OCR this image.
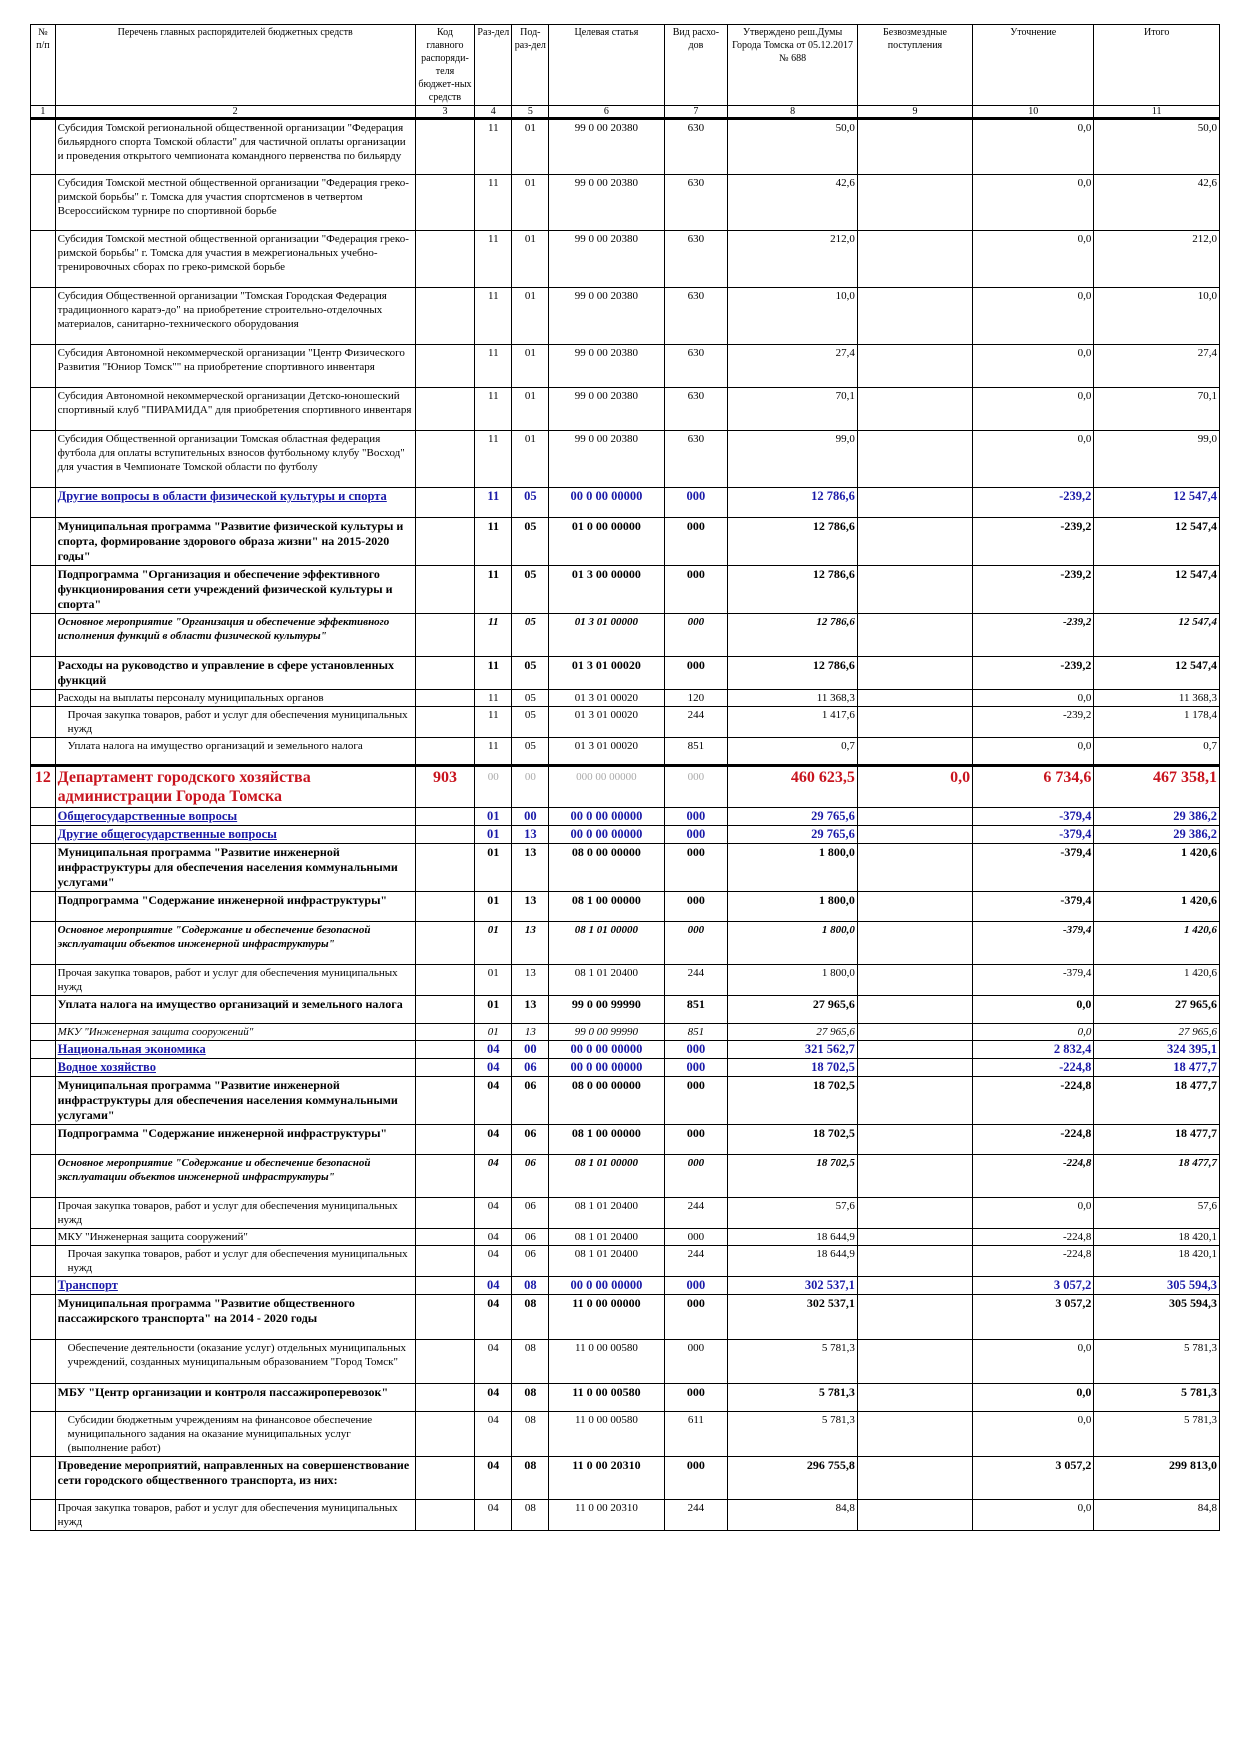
№ п/п	Перечень главных распорядителей бюджетных средств	Код главного распоряди-теля бюджет-ных средств	Раз-дел	Под-раз-дел	Целевая статья	Вид расхо-дов	Утверждено реш.Думы Города Томска от 05.12.2017 № 688	Безвозмездные поступления	Уточнение	Итого
1	2	3	4	5	6	7	8	9	10	11
	Субсидия Томской региональной общественной организации "Федерация бильярдного спорта Томской области" для частичной оплаты организации и проведения открытого чемпионата командного первенства по бильярду		11	01	99 0 00 20380	630	50,0		0,0	50,0
	Субсидия Томской местной общественной организации "Федерация греко-римской борьбы" г. Томска для участия спортсменов в четвертом Всероссийском турнире по спортивной борьбе		11	01	99 0 00 20380	630	42,6		0,0	42,6
	Субсидия Томской местной общественной организации "Федерация греко-римской борьбы" г. Томска для участия в межрегиональных учебно-тренировочных сборах по греко-римской борьбе		11	01	99 0 00 20380	630	212,0		0,0	212,0
	Субсидия Общественной организации "Томская Городская Федерация традиционного каратэ-до" на приобретение строительно-отделочных материалов, санитарно-технического оборудования		11	01	99 0 00 20380	630	10,0		0,0	10,0
	Субсидия Автономной некоммерческой организации "Центр Физического Развития "Юниор Томск"" на приобретение спортивного инвентаря		11	01	99 0 00 20380	630	27,4		0,0	27,4
	Субсидия Автономной некоммерческой организации Детско-юношеский спортивный клуб "ПИРАМИДА" для приобретения спортивного инвентаря		11	01	99 0 00 20380	630	70,1		0,0	70,1
	Субсидия Общественной организации Томская областная федерация футбола для оплаты вступительных взносов футбольному клубу "Восход" для участия в Чемпионате Томской области по футболу		11	01	99 0 00 20380	630	99,0		0,0	99,0
	Другие вопросы в области физической культуры и спорта		11	05	00 0 00 00000	000	12 786,6		-239,2	12 547,4
	Муниципальная программа "Развитие физической культуры и спорта, формирование здорового образа жизни" на 2015-2020 годы"		11	05	01 0 00 00000	000	12 786,6		-239,2	12 547,4
	Подпрограмма "Организация и обеспечение эффективного функционирования сети учреждений физической культуры и спорта"		11	05	01 3 00 00000	000	12 786,6		-239,2	12 547,4
	Основное мероприятие "Организация и обеспечение эффективного исполнения функций в области физической культуры"		11	05	01 3 01 00000	000	12 786,6		-239,2	12 547,4
	Расходы на руководство и управление в сфере установленных функций		11	05	01 3 01 00020	000	12 786,6		-239,2	12 547,4
	Расходы на выплаты персоналу муниципальных органов		11	05	01 3 01 00020	120	11 368,3		0,0	11 368,3
	Прочая закупка товаров, работ и услуг для обеспечения муниципальных нужд		11	05	01 3 01 00020	244	1 417,6		-239,2	1 178,4
	Уплата налога на имущество организаций и земельного налога		11	05	01 3 01 00020	851	0,7		0,0	0,7
12	Департамент городского хозяйства администрации Города Томска	903	00	00	000 00 00000	000	460 623,5	0,0	6 734,6	467 358,1
	Общегосударственные вопросы		01	00	00 0 00 00000	000	29 765,6		-379,4	29 386,2
	Другие общегосударственные вопросы		01	13	00 0 00 00000	000	29 765,6		-379,4	29 386,2
	Муниципальная программа "Развитие инженерной инфраструктуры для обеспечения населения коммунальными услугами"		01	13	08 0 00 00000	000	1 800,0		-379,4	1 420,6
	Подпрограмма "Содержание инженерной инфраструктуры"		01	13	08 1 00 00000	000	1 800,0		-379,4	1 420,6
	Основное мероприятие "Содержание и обеспечение безопасной эксплуатации объектов инженерной инфраструктуры"		01	13	08 1 01 00000	000	1 800,0		-379,4	1 420,6
	Прочая закупка товаров, работ и услуг для обеспечения муниципальных нужд		01	13	08 1 01 20400	244	1 800,0		-379,4	1 420,6
	Уплата налога на имущество организаций и земельного налога		01	13	99 0 00 99990	851	27 965,6		0,0	27 965,6
	МКУ "Инженерная защита сооружений"		01	13	99 0 00 99990	851	27 965,6		0,0	27 965,6
	Национальная экономика		04	00	00 0 00 00000	000	321 562,7		2 832,4	324 395,1
	Водное хозяйство		04	06	00 0 00 00000	000	18 702,5		-224,8	18 477,7
	Муниципальная программа "Развитие инженерной инфраструктуры для обеспечения населения коммунальными услугами"		04	06	08 0 00 00000	000	18 702,5		-224,8	18 477,7
	Подпрограмма "Содержание инженерной инфраструктуры"		04	06	08 1 00 00000	000	18 702,5		-224,8	18 477,7
	Основное мероприятие "Содержание и обеспечение безопасной эксплуатации объектов инженерной инфраструктуры"		04	06	08 1 01 00000	000	18 702,5		-224,8	18 477,7
	Прочая закупка товаров, работ и услуг для обеспечения муниципальных нужд		04	06	08 1 01 20400	244	57,6		0,0	57,6
	МКУ "Инженерная защита сооружений"		04	06	08 1 01 20400	000	18 644,9		-224,8	18 420,1
	Прочая закупка товаров, работ и услуг для обеспечения муниципальных нужд		04	06	08 1 01 20400	244	18 644,9		-224,8	18 420,1
	Транспорт		04	08	00 0 00 00000	000	302 537,1		3 057,2	305 594,3
	Муниципальная программа "Развитие общественного пассажирского транспорта" на 2014 - 2020 годы		04	08	11 0 00 00000	000	302 537,1		3 057,2	305 594,3
	Обеспечение деятельности (оказание услуг) отдельных муниципальных учреждений, созданных муниципальным образованием "Город Томск"		04	08	11 0 00 00580	000	5 781,3		0,0	5 781,3
	МБУ "Центр организации и контроля пассажироперевозок"		04	08	11 0 00 00580	000	5 781,3		0,0	5 781,3
	Субсидии бюджетным учреждениям на финансовое обеспечение муниципального задания на оказание муниципальных услуг (выполнение работ)		04	08	11 0 00 00580	611	5 781,3		0,0	5 781,3
	Проведение мероприятий, направленных на совершенствование сети городского общественного транспорта, из них:		04	08	11 0 00 20310	000	296 755,8		3 057,2	299 813,0
	Прочая закупка товаров, работ и услуг для обеспечения муниципальных нужд		04	08	11 0 00 20310	244	84,8		0,0	84,8
